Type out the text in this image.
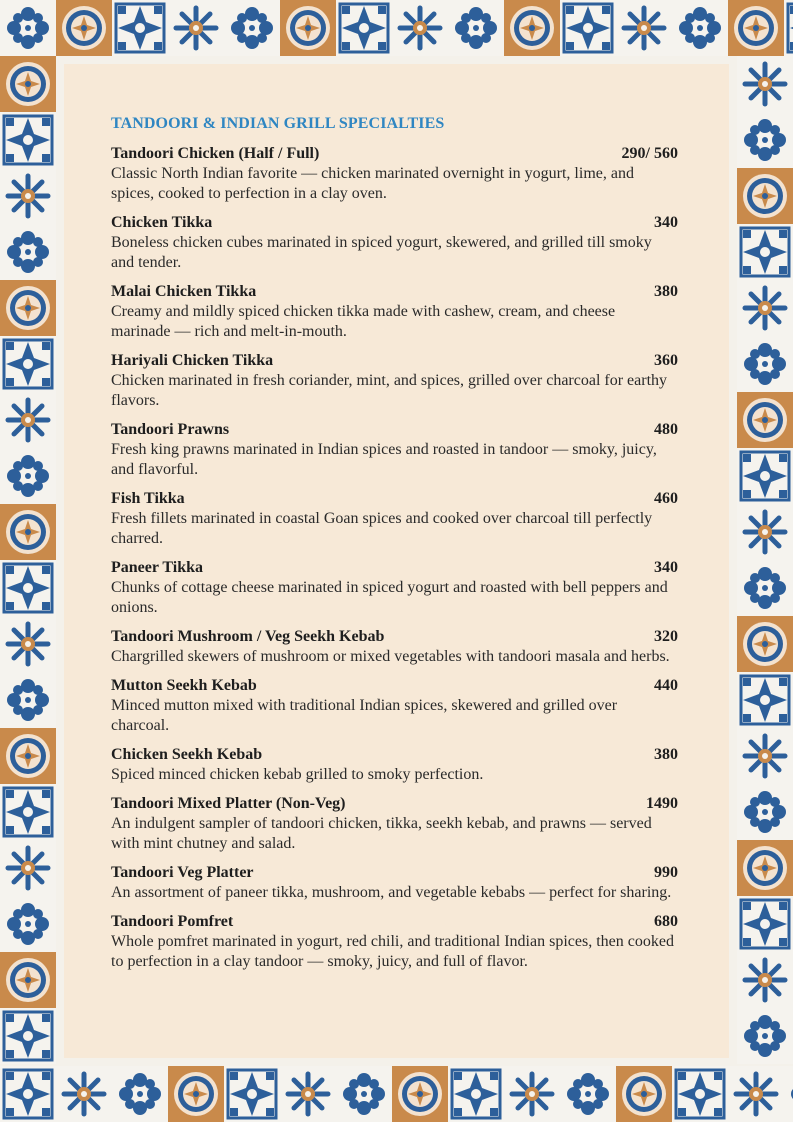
TANDOORI & INDIAN GRILL SPECIALTIES
Tandoori Chicken (Half / Full)	290/ 560
Classic North Indian favorite — chicken marinated overnight in yogurt, lime, and spices, cooked to perfection in a clay oven.
Chicken Tikka	340
Boneless chicken cubes marinated in spiced yogurt, skewered, and grilled till smoky and tender.
Malai Chicken Tikka	380
Creamy and mildly spiced chicken tikka made with cashew, cream, and cheese marinade — rich and melt-in-mouth.
Hariyali Chicken Tikka	360
Chicken marinated in fresh coriander, mint, and spices, grilled over charcoal for earthy flavors.
Tandoori Prawns	480
Fresh king prawns marinated in Indian spices and roasted in tandoor — smoky, juicy, and flavorful.
Fish Tikka	460
Fresh fillets marinated in coastal Goan spices and cooked over charcoal till perfectly charred.
Paneer Tikka	340
Chunks of cottage cheese marinated in spiced yogurt and roasted with bell peppers and onions.
Tandoori Mushroom / Veg Seekh Kebab	320
Chargrilled skewers of mushroom or mixed vegetables with tandoori masala and herbs.
Mutton Seekh Kebab	440
Minced mutton mixed with traditional Indian spices, skewered and grilled over charcoal.
Chicken Seekh Kebab	380
Spiced minced chicken kebab grilled to smoky perfection.
Tandoori Mixed Platter (Non-Veg)	1490
An indulgent sampler of tandoori chicken, tikka, seekh kebab, and prawns — served with mint chutney and salad.
Tandoori Veg Platter	990
An assortment of paneer tikka, mushroom, and vegetable kebabs — perfect for sharing.
Tandoori Pomfret	680
Whole pomfret marinated in yogurt, red chili, and traditional Indian spices, then cooked to perfection in a clay tandoor — smoky, juicy, and full of flavor.
